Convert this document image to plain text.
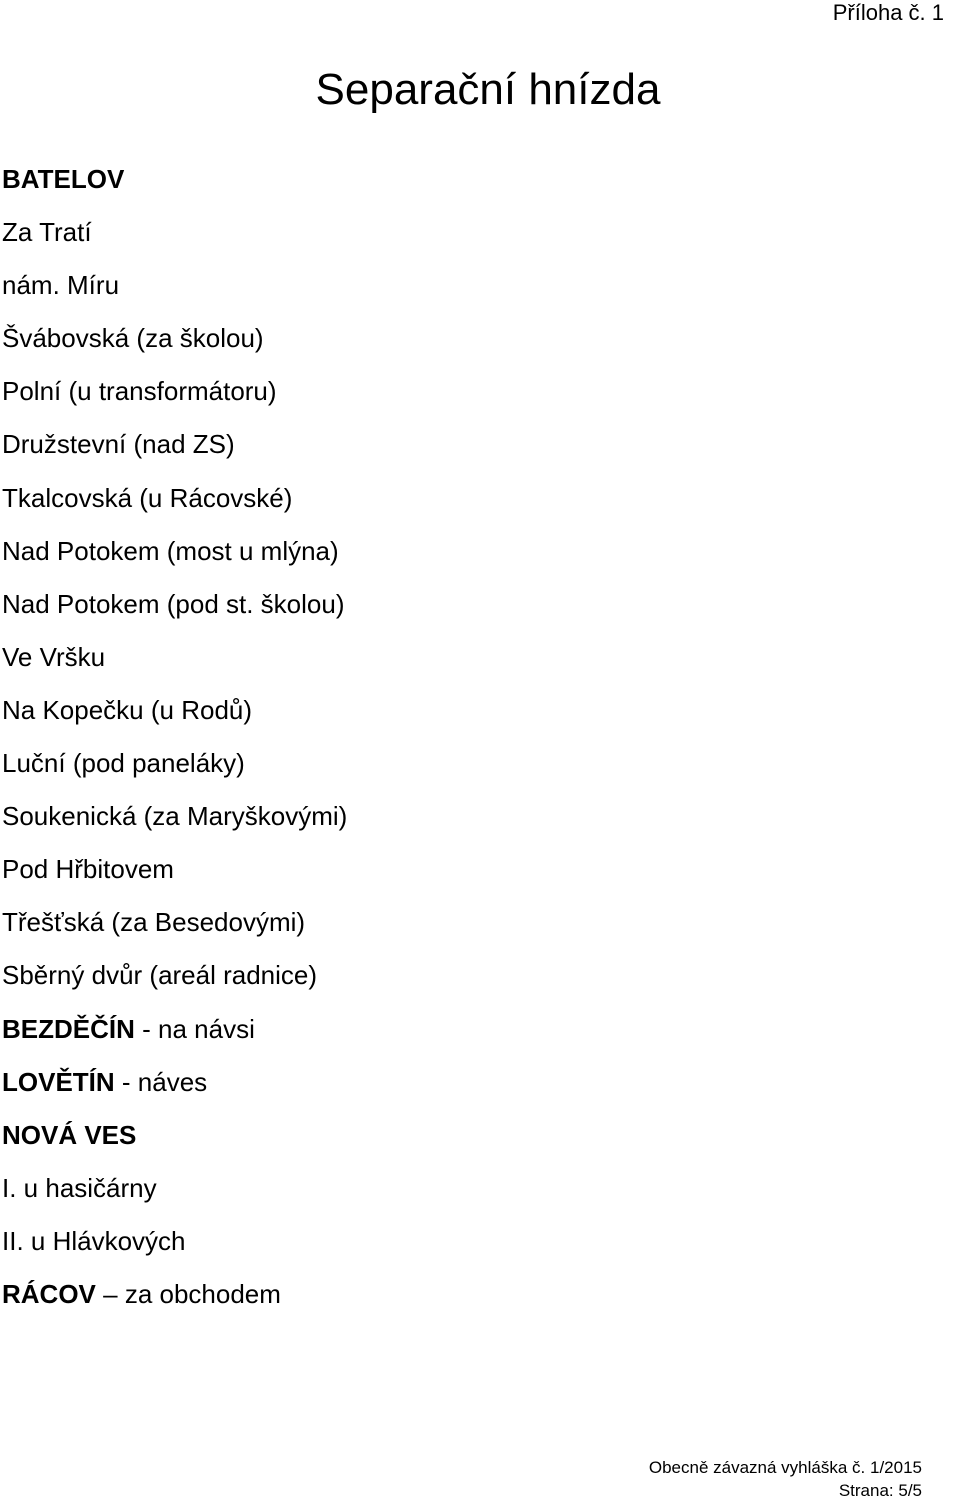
Příloha č. 1
Separační hnízda
BATELOV
Za Tratí
nám. Míru
Švábovská (za školou)
Polní (u transformátoru)
Družstevní (nad ZS)
Tkalcovská (u Rácovské)
Nad Potokem (most u mlýna)
Nad Potokem (pod st. školou)
Ve Vršku
Na Kopečku (u Rodů)
Luční (pod paneláky)
Soukenická (za Maryškovými)
Pod Hřbitovem
Třešťská (za Besedovými)
Sběrný dvůr (areál radnice)
BEZDĚČÍN - na návsi
LOVĚTÍN - náves
NOVÁ VES
I. u hasičárny
II. u Hlávkových
RÁCOV – za obchodem
Obecně závazná vyhláška č. 1/2015
Strana: 5/5
